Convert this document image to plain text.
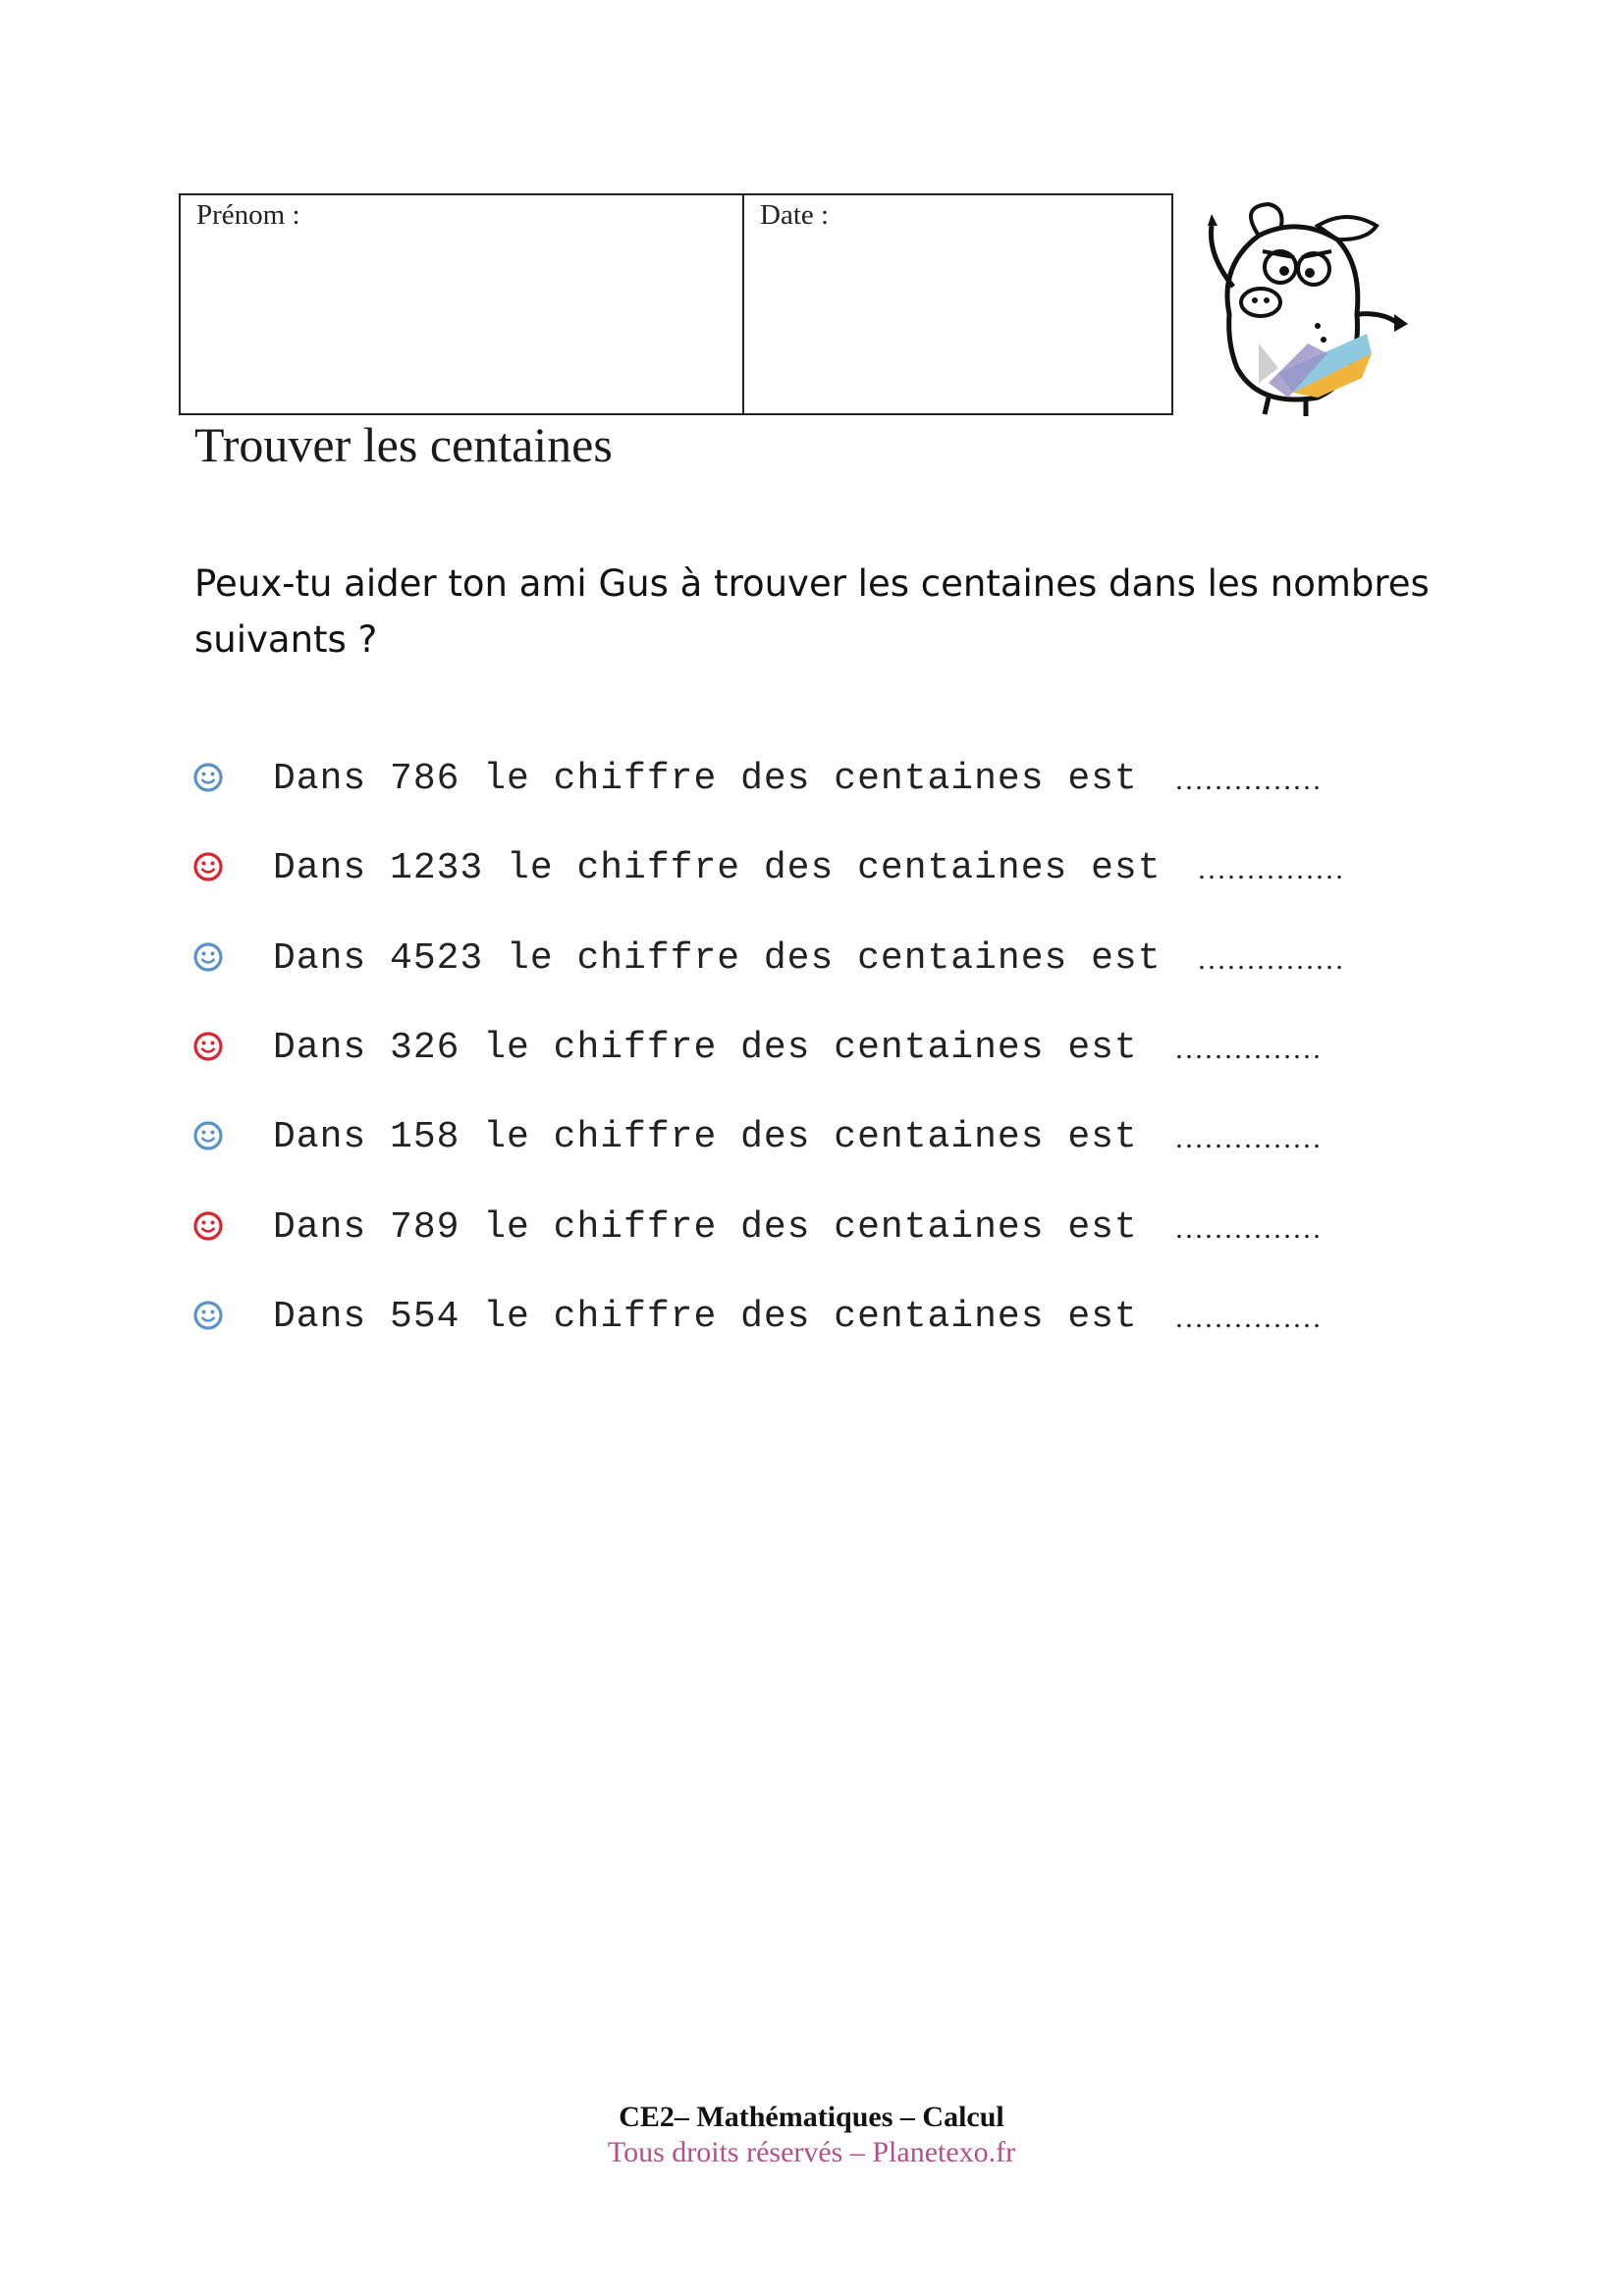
Prénom :	Date :
Trouver les centaines

Peux-tu aider ton ami Gus à trouver les centaines dans les nombres suivants ?

Dans 786 le chiffre des centaines est ……………
Dans 1233 le chiffre des centaines est ……………
Dans 4523 le chiffre des centaines est ……………
Dans 326 le chiffre des centaines est ……………
Dans 158 le chiffre des centaines est ……………
Dans 789 le chiffre des centaines est ……………
Dans 554 le chiffre des centaines est ……………
CE2– Mathématiques – Calcul
Tous droits réservés – Planetexo.fr
